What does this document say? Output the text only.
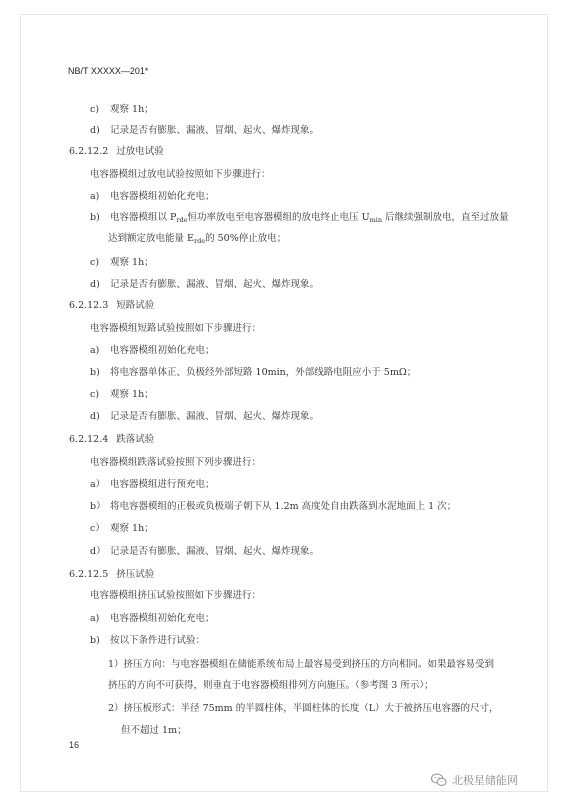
NB/T XXXXX—201*
c) 观察 1h；
d) 记录是否有膨胀、漏液、冒烟、起火、爆炸现象。
6.2.12.2 过放电试验
电容器模组过放电试验按照如下步骤进行：
a) 电容器模组初始化充电；
b) 电容器模组以 $P_{rde}$恒功率放电至电容器模组的放电终止电压 $U_{min}$ 后继续强制放电，直至过放量
达到额定放电能量 $E_{rde}$的 50%停止放电；
c) 观察 1h；
d) 记录是否有膨胀、漏液、冒烟、起火、爆炸现象。
6.2.12.3 短路试验
电容器模组短路试验按照如下步骤进行：
a) 电容器模组初始化充电；
b) 将电容器单体正、负极经外部短路 10min，外部线路电阻应小于 5mΩ；
c) 观察 1h；
d) 记录是否有膨胀、漏液、冒烟、起火、爆炸现象。
6.2.12.4 跌落试验
电容器模组跌落试验按照下列步骤进行：
a） 电容器模组进行预充电；
b） 将电容器模组的正极或负极端子朝下从 1.2m 高度处自由跌落到水泥地面上 1 次；
c） 观察 1h；
d） 记录是否有膨胀、漏液、冒烟、起火、爆炸现象。
6.2.12.5 挤压试验
电容器模组挤压试验按照如下步骤进行：
a) 电容器模组初始化充电；
b) 按以下条件进行试验：
1）挤压方向：与电容器模组在储能系统布局上最容易受到挤压的方向相同。如果最容易受到
挤压的方向不可获得，则垂直于电容器模组排列方向施压。（参考图 3 所示）；
2）挤压板形式：半径 75mm 的半圆柱体，半圆柱体的长度（L）大于被挤压电容器的尺寸，
但不超过 1m；
16
北极星储能网
